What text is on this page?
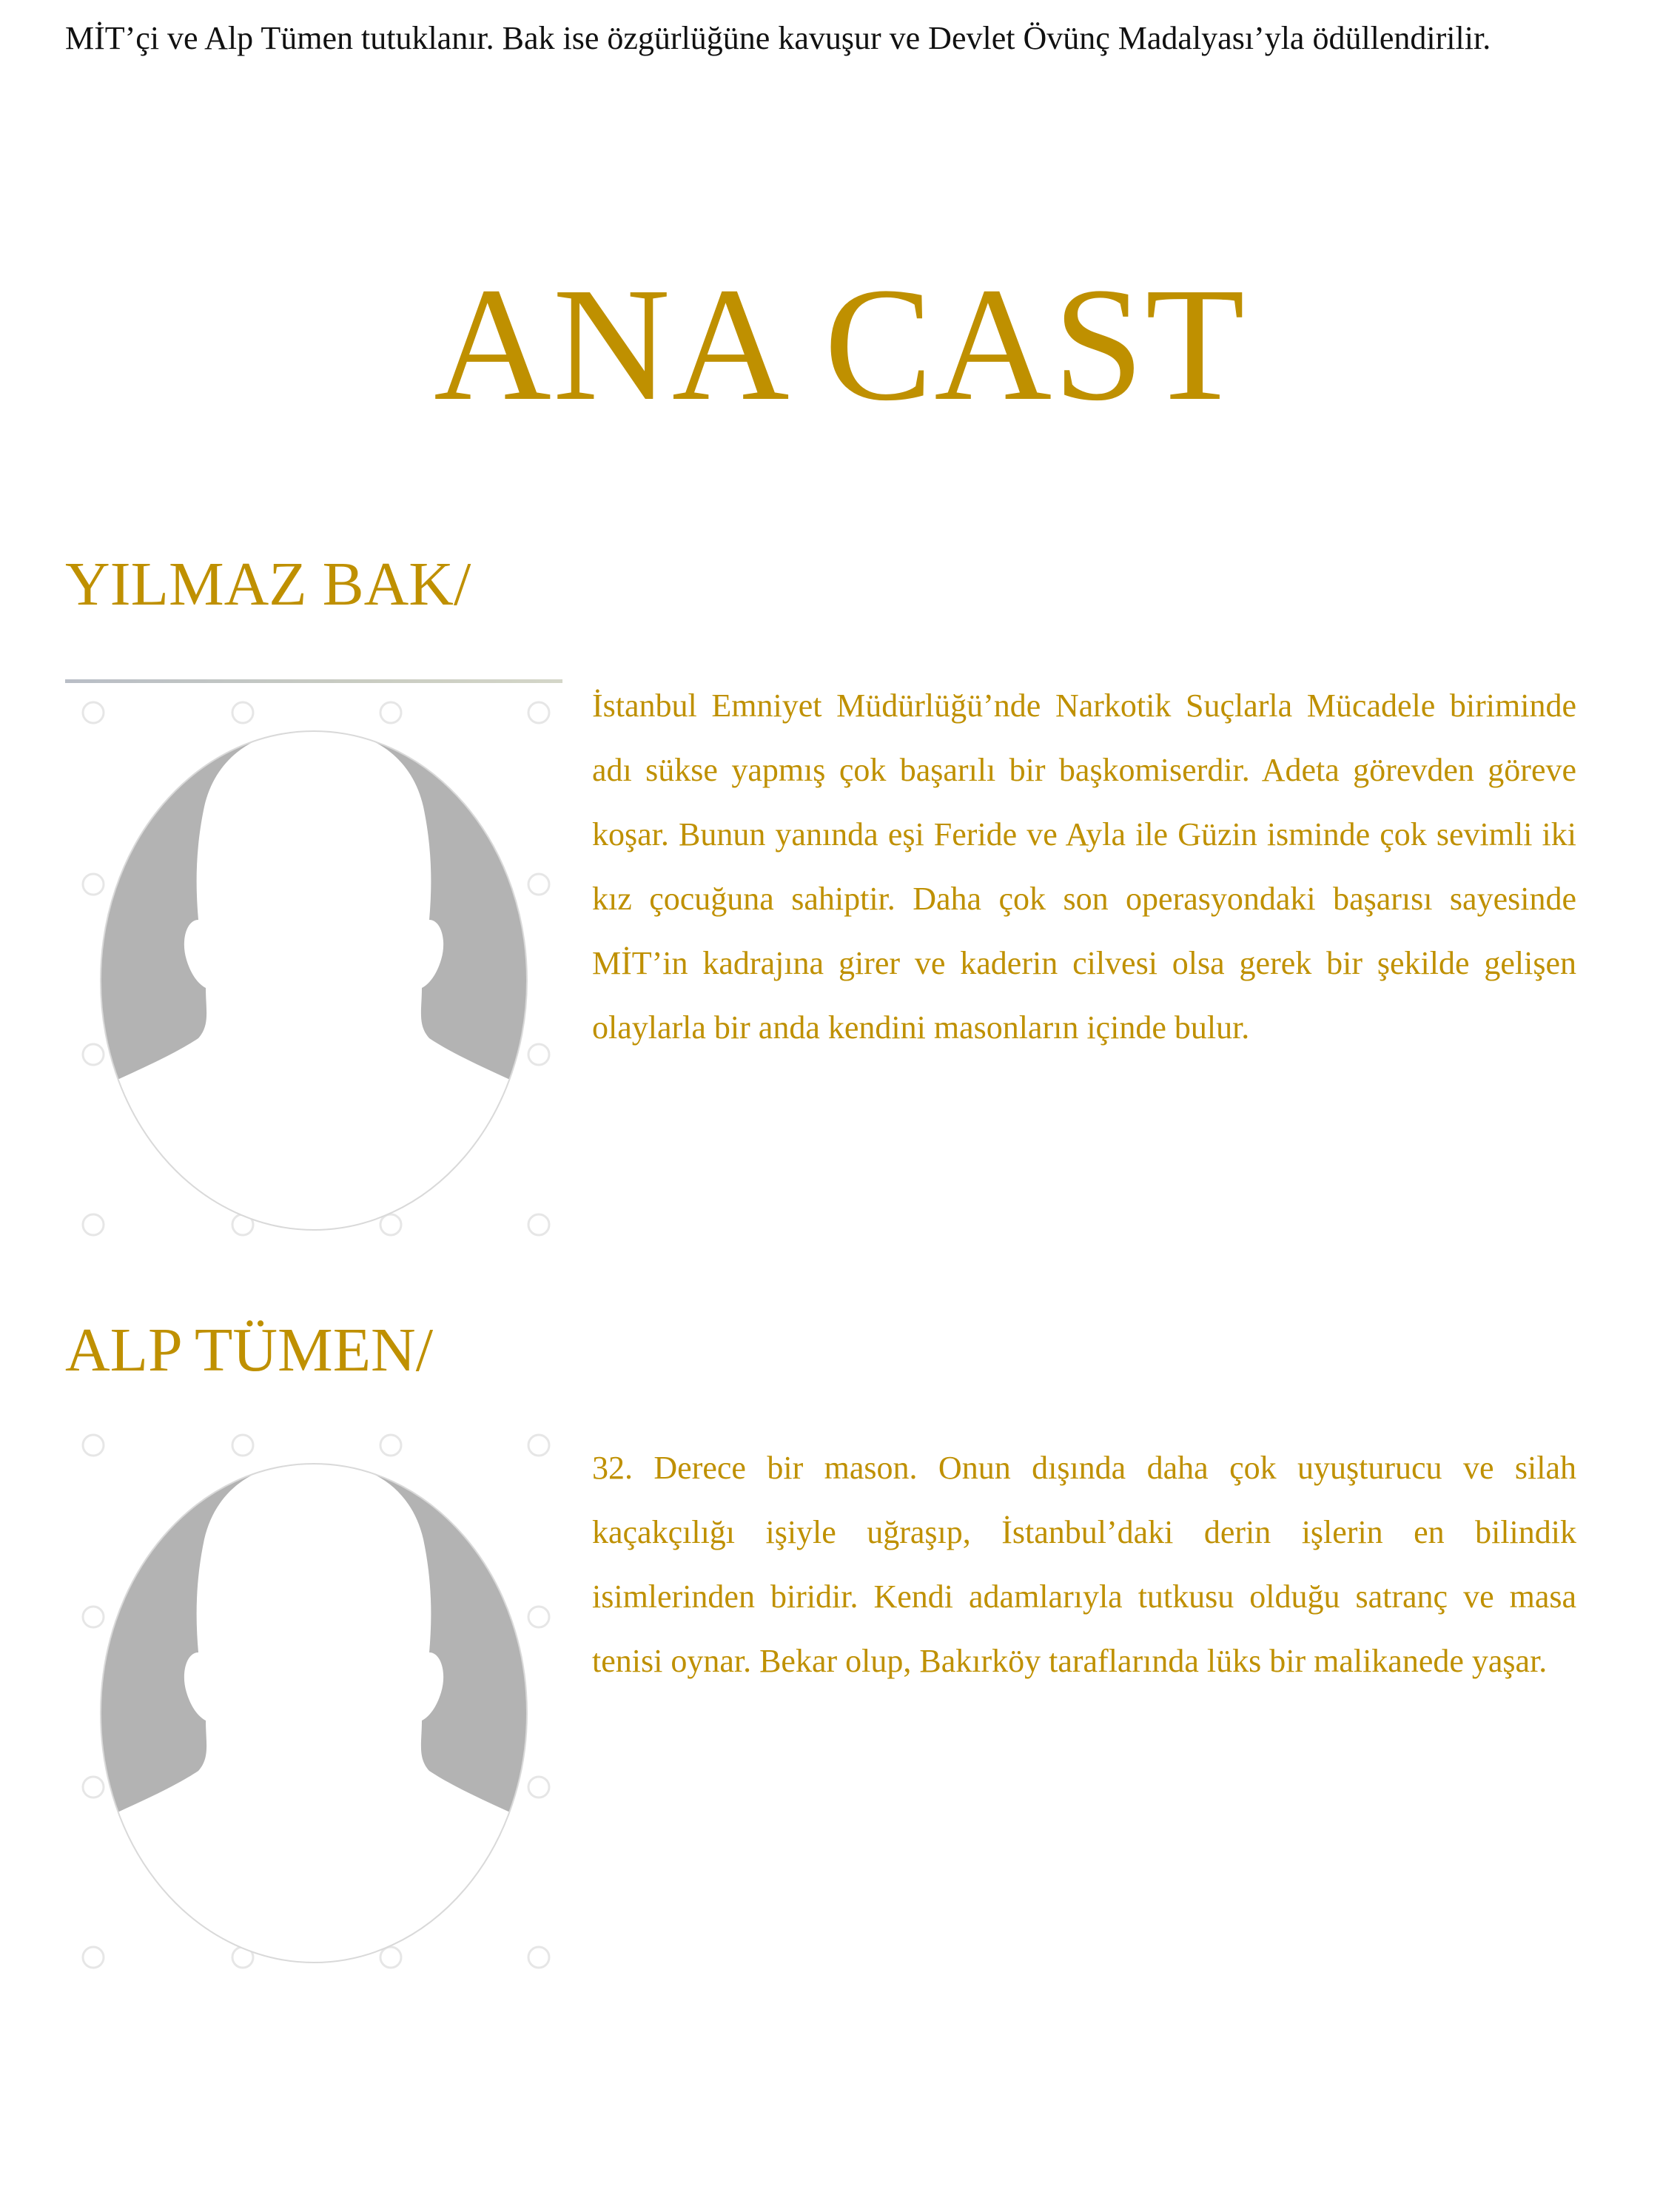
MİT’çi ve Alp Tümen tutuklanır. Bak ise özgürlüğüne kavuşur ve Devlet Övünç Madalyası’yla ödüllendirilir.

ANA CAST
YILMAZ BAK/

İstanbul Emniyet Müdürlüğü’nde Narkotik Suçlarla Mücadele biriminde adı sükse yapmış çok başarılı bir başkomiserdir. Adeta görevden göreve koşar. Bunun yanında eşi Feride ve Ayla ile Güzin isminde çok sevimli iki kız çocuğuna sahiptir. Daha çok son operasyondaki başarısı sayesinde MİT’in kadrajına girer ve kaderin cilvesi olsa gerek bir şekilde gelişen olaylarla bir anda kendini masonların içinde bulur.

ALP TÜMEN/

32. Derece bir mason. Onun dışında daha çok uyuşturucu ve silah kaçakçılığı işiyle uğraşıp, İstanbul’daki derin işlerin en bilindik isimlerinden biridir. Kendi adamlarıyla tutkusu olduğu satranç ve masa tenisi oynar. Bekar olup, Bakırköy taraflarında lüks bir malikanede yaşar.
